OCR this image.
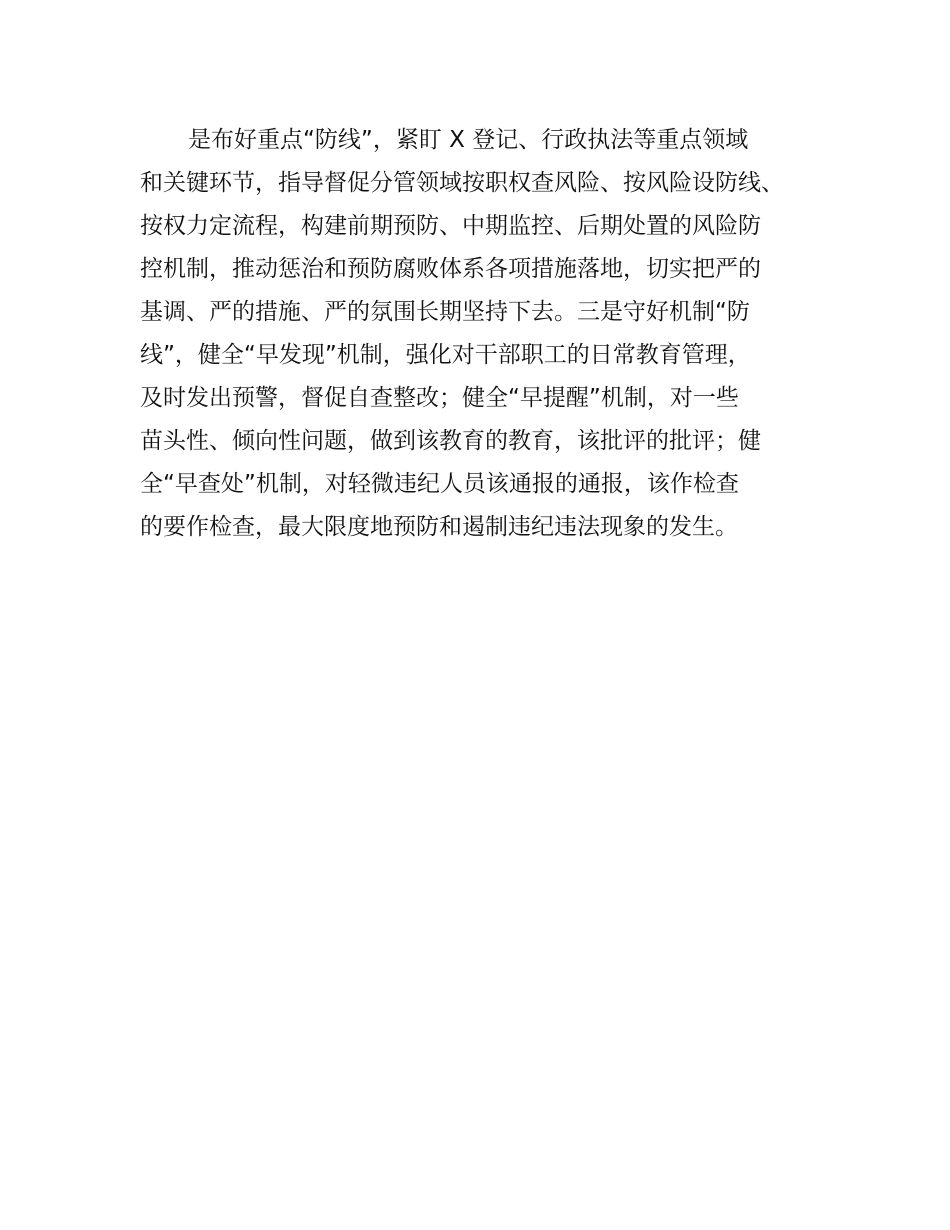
是布好重点“防线”，紧盯 X 登记、行政执法等重点领域
和关键环节，指导督促分管领域按职权查风险、按风险设防线、
按权力定流程，构建前期预防、中期监控、后期处置的风险防
控机制，推动惩治和预防腐败体系各项措施落地，切实把严的
基调、严的措施、严的氛围长期坚持下去。三是守好机制“防
线”，健全“早发现”机制，强化对干部职工的日常教育管理，
及时发出预警，督促自查整改；健全“早提醒”机制，对一些
苗头性、倾向性问题，做到该教育的教育，该批评的批评；健
全“早查处”机制，对轻微违纪人员该通报的通报，该作检查
的要作检查，最大限度地预防和遏制违纪违法现象的发生。
